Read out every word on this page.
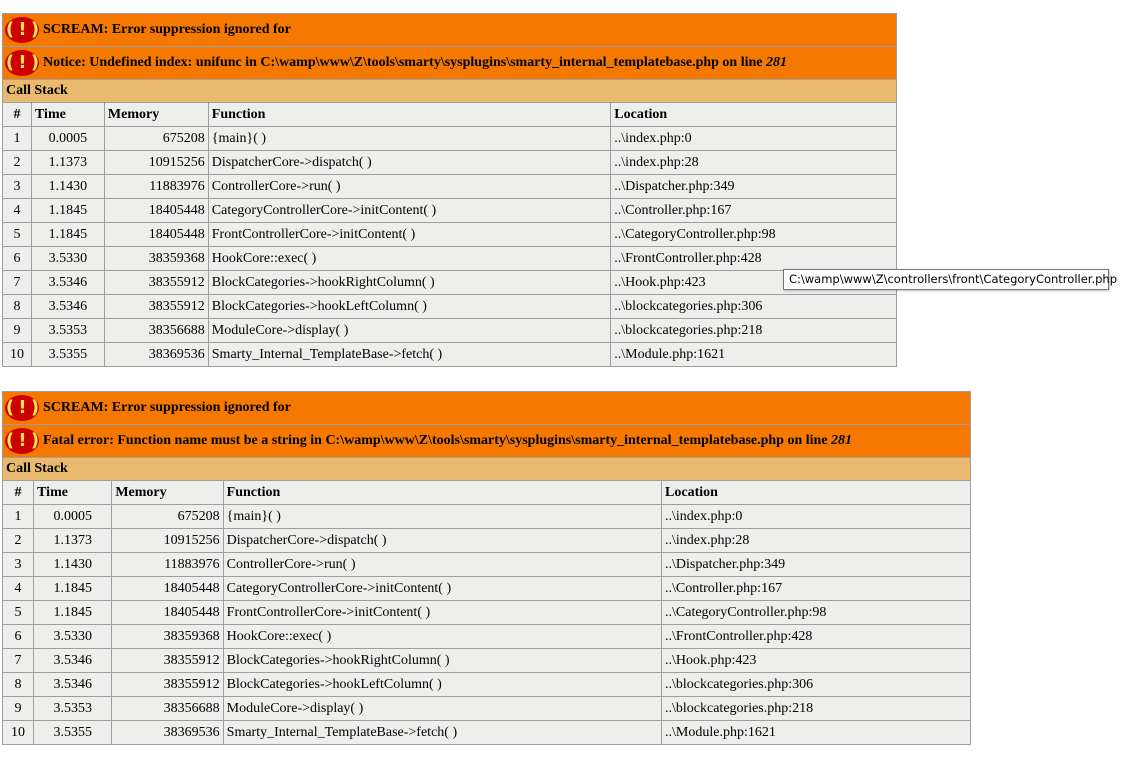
( ! ) SCREAM: Error suppression ignored for				
( ! ) Notice: Undefined index: unifunc in C:\wamp\www\Z\tools\smarty\sysplugins\smarty_internal_templatebase.php on line 281				
Call Stack				
#	Time	Memory	Function	Location
1	0.0005	675208	{main}( )	..\index.php:0
2	1.1373	10915256	DispatcherCore->dispatch( )	..\index.php:28
3	1.1430	11883976	ControllerCore->run( )	..\Dispatcher.php:349
4	1.1845	18405448	CategoryControllerCore->initContent( )	..\Controller.php:167
5	1.1845	18405448	FrontControllerCore->initContent( )	..\CategoryController.php:98
6	3.5330	38359368	HookCore::exec( )	..\FrontController.php:428
7	3.5346	38355912	BlockCategories->hookRightColumn( )	..\Hook.php:423
8	3.5346	38355912	BlockCategories->hookLeftColumn( )	..\blockcategories.php:306
9	3.5353	38356688	ModuleCore->display( )	..\blockcategories.php:218
10	3.5355	38369536	Smarty_Internal_TemplateBase->fetch( )	..\Module.php:1621
C:\wamp\www\Z\controllers\front\CategoryController.php
( ! ) SCREAM: Error suppression ignored for				
( ! ) Fatal error: Function name must be a string in C:\wamp\www\Z\tools\smarty\sysplugins\smarty_internal_templatebase.php on line 281				
Call Stack				
#	Time	Memory	Function	Location
1	0.0005	675208	{main}( )	..\index.php:0
2	1.1373	10915256	DispatcherCore->dispatch( )	..\index.php:28
3	1.1430	11883976	ControllerCore->run( )	..\Dispatcher.php:349
4	1.1845	18405448	CategoryControllerCore->initContent( )	..\Controller.php:167
5	1.1845	18405448	FrontControllerCore->initContent( )	..\CategoryController.php:98
6	3.5330	38359368	HookCore::exec( )	..\FrontController.php:428
7	3.5346	38355912	BlockCategories->hookRightColumn( )	..\Hook.php:423
8	3.5346	38355912	BlockCategories->hookLeftColumn( )	..\blockcategories.php:306
9	3.5353	38356688	ModuleCore->display( )	..\blockcategories.php:218
10	3.5355	38369536	Smarty_Internal_TemplateBase->fetch( )	..\Module.php:1621
